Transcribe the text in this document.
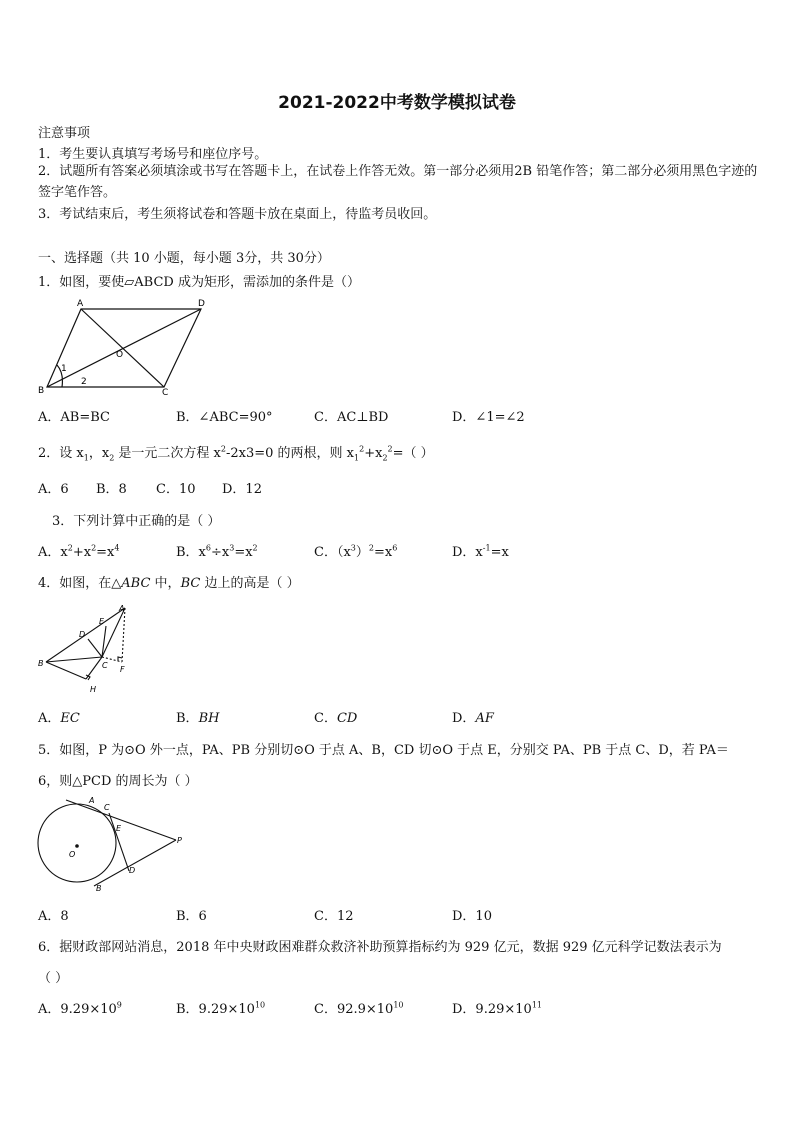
2021-2022中考数学模拟试卷
注意事项
1．考生要认真填写考场号和座位序号。
2．试题所有答案必须填涂或书写在答题卡上，在试卷上作答无效。第一部分必须用2B 铅笔作答；第二部分必须用黑色字迹的签字笔作答。
3．考试结束后，考生须将试卷和答题卡放在桌面上，待监考员收回。
一、选择题（共 10 小题，每小题 3分，共 30分）
1．如图，要使▱ABCD 成为矩形，需添加的条件是（）
A	D
B	C
O
1
2
A．AB=BC	B．∠ABC=90°	C．AC⊥BD	D．∠1=∠2
2．设 $x_1$，$x_2$ 是一元二次方程 $x^2-2x3=0$ 的两根，则 $x_1^2+x_2^2=$（ ）
A．6 B．8 C．10 D．12
3．下列计算中正确的是（ ）
A．$x^2+x^2=x^4$	B．$x^6\div x^3=x^2$	C．$(x^3)^2=x^6$	D．$x^{-1}=x$
4．如图，在△ABC 中，BC 边上的高是（ ）
A
B	C
D
E
F
H
A．EC	B．BH	C．CD	D．AF
5．如图，P 为⊙O 外一点，PA、PB 分别切⊙O 于点 A、B，CD 切⊙O 于点 E，分别交 PA、PB 于点 C、D，若 PA＝
6，则△PCD 的周长为（ ）
A
C
E
D
B
O
P
A．8	B．6	C．12	D．10
6．据财政部网站消息，2018 年中央财政困难群众救济补助预算指标约为 929 亿元，数据 929 亿元科学记数法表示为
（ ）
A．$9.29\times 10^9$	B．$9.29\times 10^{10}$	C．$92.9\times 10^{10}$	D．$9.29\times 10^{11}$
